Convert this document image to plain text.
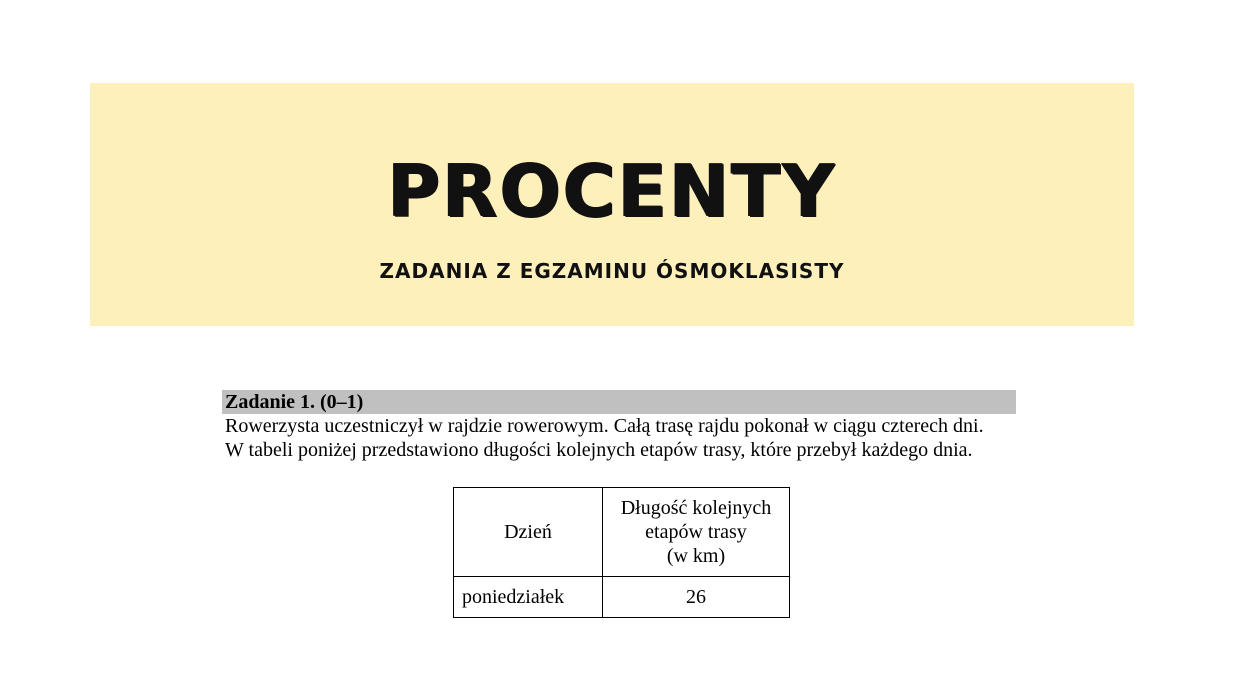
PROCENTY
ZADANIA Z EGZAMINU ÓSMOKLASISTY
Zadanie 1. (0–1)
Rowerzysta uczestniczył w rajdzie rowerowym. Całą trasę rajdu pokonał w ciągu czterech dni.
W tabeli poniżej przedstawiono długości kolejnych etapów trasy, które przebył każdego dnia.
Dzień	Długość kolejnych
etapów trasy
(w km)

poniedziałek	26
